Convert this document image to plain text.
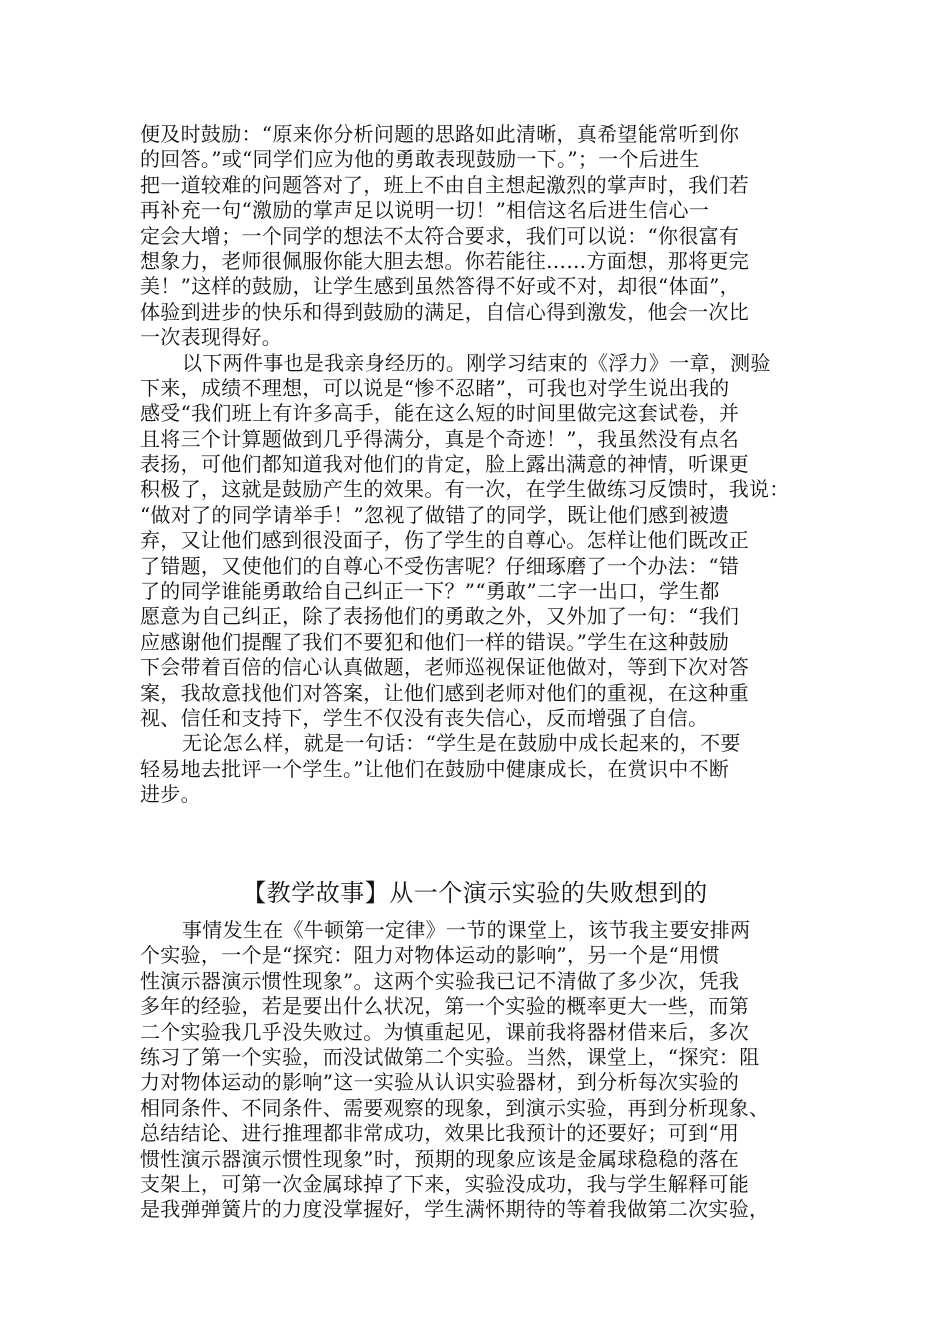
便及时鼓励：“原来你分析问题的思路如此清晰，真希望能常听到你
的回答。”或“同学们应为他的勇敢表现鼓励一下。”；一个后进生
把一道较难的问题答对了，班上不由自主想起激烈的掌声时，我们若
再补充一句“激励的掌声足以说明一切！”相信这名后进生信心一
定会大增；一个同学的想法不太符合要求，我们可以说：“你很富有
想象力，老师很佩服你能大胆去想。你若能往……方面想，那将更完
美！”这样的鼓励，让学生感到虽然答得不好或不对，却很“体面”，
体验到进步的快乐和得到鼓励的满足，自信心得到激发，他会一次比
一次表现得好。
以下两件事也是我亲身经历的。刚学习结束的《浮力》一章，测验
下来，成绩不理想，可以说是“惨不忍睹”，可我也对学生说出我的
感受“我们班上有许多高手，能在这么短的时间里做完这套试卷，并
且将三个计算题做到几乎得满分，真是个奇迹！”，我虽然没有点名
表扬，可他们都知道我对他们的肯定，脸上露出满意的神情，听课更
积极了，这就是鼓励产生的效果。有一次，在学生做练习反馈时，我说：
“做对了的同学请举手！”忽视了做错了的同学，既让他们感到被遗
弃，又让他们感到很没面子，伤了学生的自尊心。怎样让他们既改正
了错题，又使他们的自尊心不受伤害呢？仔细琢磨了一个办法：“错
了的同学谁能勇敢给自己纠正一下？”“勇敢”二字一出口，学生都
愿意为自己纠正，除了表扬他们的勇敢之外，又外加了一句：“我们
应感谢他们提醒了我们不要犯和他们一样的错误。”学生在这种鼓励
下会带着百倍的信心认真做题，老师巡视保证他做对，等到下次对答
案，我故意找他们对答案，让他们感到老师对他们的重视，在这种重
视、信任和支持下，学生不仅没有丧失信心，反而增强了自信。
无论怎么样，就是一句话：“学生是在鼓励中成长起来的，不要
轻易地去批评一个学生。”让他们在鼓励中健康成长，在赏识中不断
进步。
【教学故事】从一个演示实验的失败想到的
事情发生在《牛顿第一定律》一节的课堂上，该节我主要安排两
个实验，一个是“探究：阻力对物体运动的影响”，另一个是“用惯
性演示器演示惯性现象”。这两个实验我已记不清做了多少次，凭我
多年的经验，若是要出什么状况，第一个实验的概率更大一些，而第
二个实验我几乎没失败过。为慎重起见，课前我将器材借来后，多次
练习了第一个实验，而没试做第二个实验。当然，课堂上，“探究：阻
力对物体运动的影响”这一实验从认识实验器材，到分析每次实验的
相同条件、不同条件、需要观察的现象，到演示实验，再到分析现象、
总结结论、进行推理都非常成功，效果比我预计的还要好；可到“用
惯性演示器演示惯性现象”时，预期的现象应该是金属球稳稳的落在
支架上，可第一次金属球掉了下来，实验没成功，我与学生解释可能
是我弹弹簧片的力度没掌握好，学生满怀期待的等着我做第二次实验，
